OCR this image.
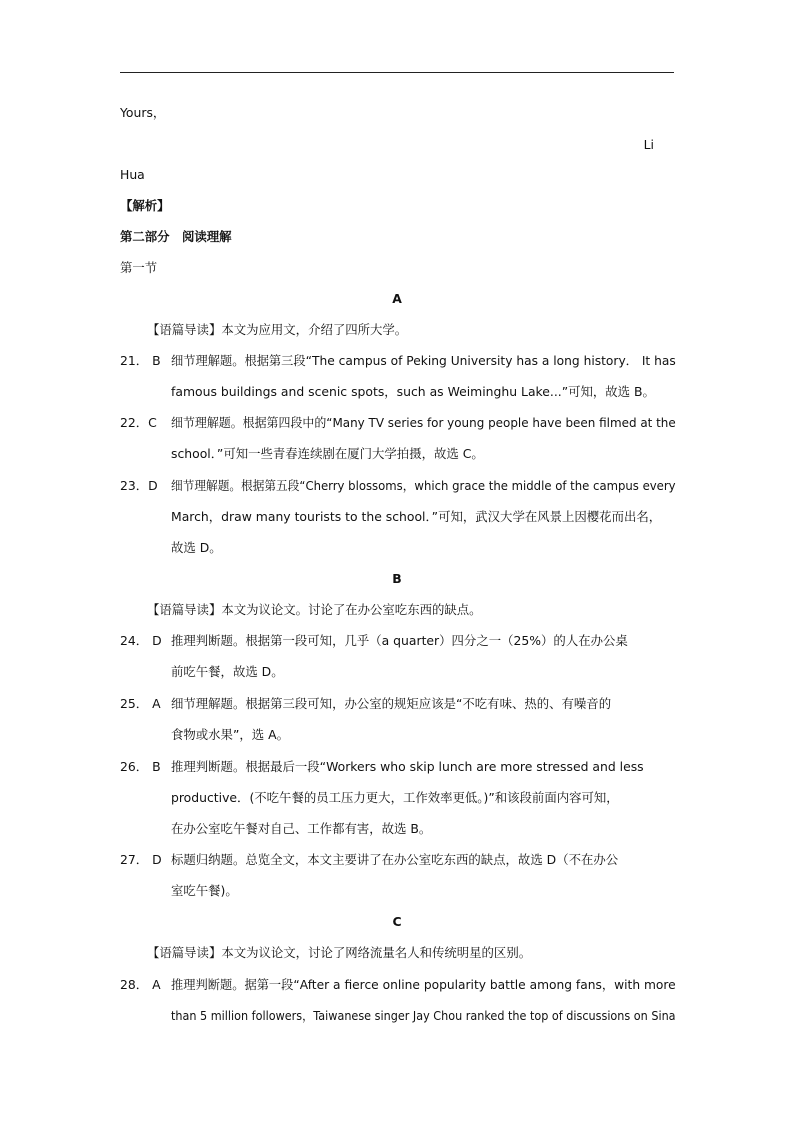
Yours，
Li
Hua
【解析】
第二部分　阅读理解
第一节
A
【语篇导读】本文为应用文，介绍了四所大学。
21． B 细节理解题。根据第三段“The campus of Peking University has a long history． It has
famous buildings and scenic spots，such as Weiminghu Lake...”可知，故选 B。
22．C 细节理解题。根据第四段中的“Many TV series for young people have been filmed at the
school．”可知一些青春连续剧在厦门大学拍摄，故选 C。
23．D 细节理解题。根据第五段“Cherry blossoms，which grace the middle of the campus every
March，draw many tourists to the school．”可知，武汉大学在风景上因樱花而出名，
故选 D。
B
【语篇导读】本文为议论文。讨论了在办公室吃东西的缺点。
24． D 推理判断题。根据第一段可知，几乎（a quarter）四分之一（25%）的人在办公桌
前吃午餐，故选 D。
25． A 细节理解题。根据第三段可知，办公室的规矩应该是“不吃有味、热的、有噪音的
食物或水果”，选 A。
26． B 推理判断题。根据最后一段“Workers who skip lunch are more stressed and less
productive．(不吃午餐的员工压力更大，工作效率更低。)”和该段前面内容可知，
在办公室吃午餐对自己、工作都有害，故选 B。
27． D 标题归纳题。总览全文，本文主要讲了在办公室吃东西的缺点，故选 D（不在办公
室吃午餐)。
C
【语篇导读】本文为议论文，讨论了网络流量名人和传统明星的区别。
28． A 推理判断题。据第一段“After a fierce online popularity battle among fans，with more
than 5 million followers，Taiwanese singer Jay Chou ranked the top of discussions on Sina
